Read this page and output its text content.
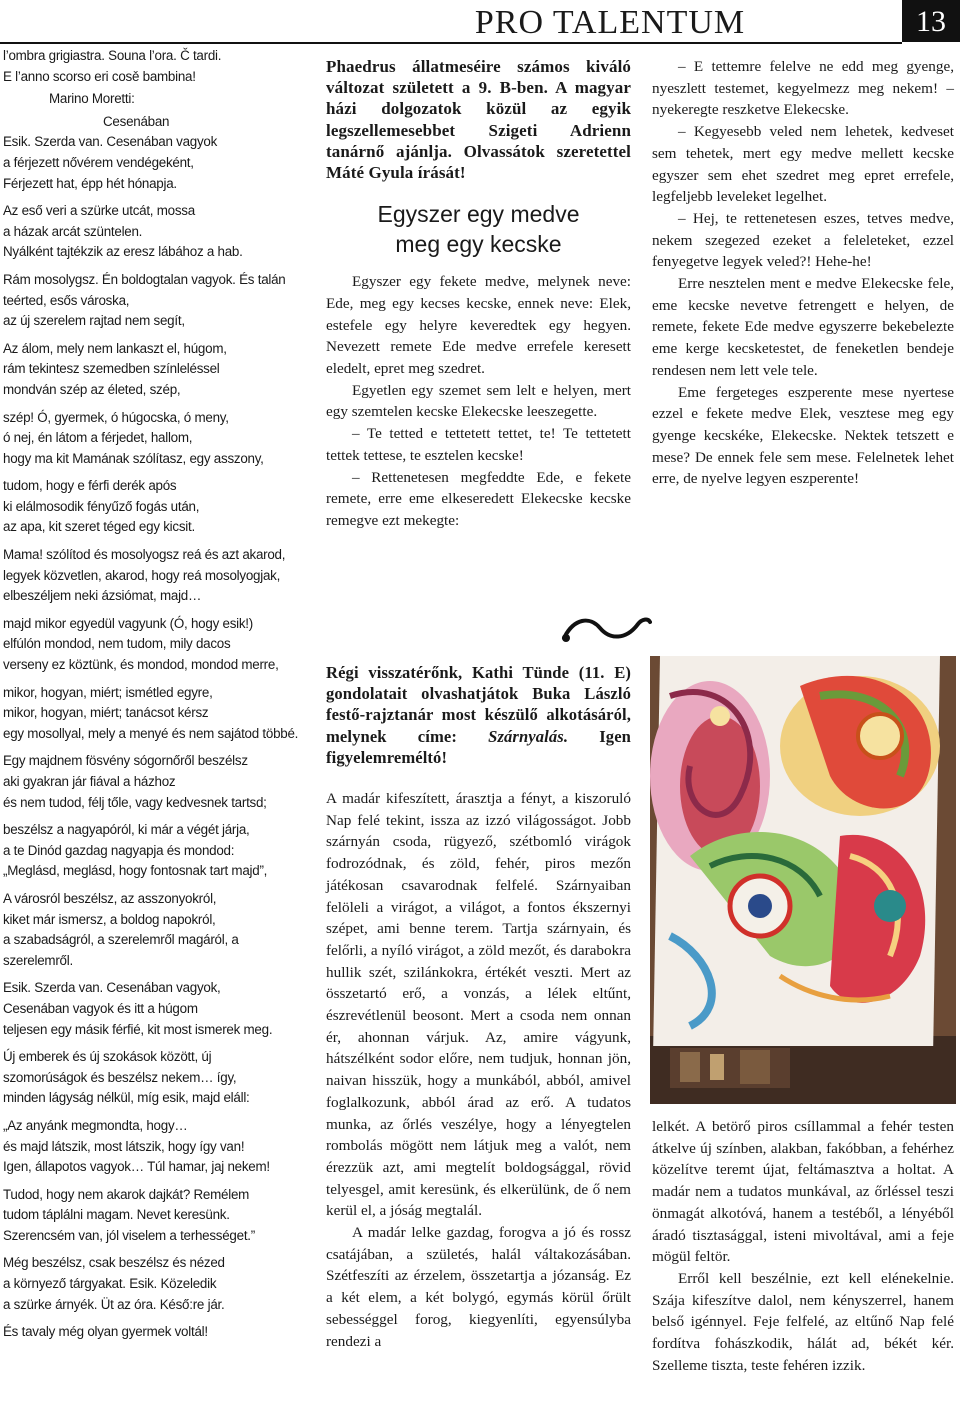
PRO TALENTUM	13
l’ombra grigiastra. Souna l’ora. Č tardi.
E l’anno scorso eri cosě bambina!
Marino Moretti:
Cesenában
Esik. Szerda van. Cesenában vagyok
a férjezett nővérem vendégeként,
Férjezett hat, épp hét hónapja.
Az eső veri a szürke utcát, mossa
a házak arcát szüntelen.
Nyálként tajtékzik az eresz lábához a hab.
Rám mosolygsz. Én boldogtalan vagyok. És talán
teérted, esős városka,
az új szerelem rajtad nem segít,
Az álom, mely nem lankaszt el, húgom,
rám tekintesz szemedben színleléssel
mondván szép az életed, szép,
szép! Ó, gyermek, ó húgocska, ó meny,
ó nej, én látom a férjedet, hallom,
hogy ma kit Mamának szólítasz, egy asszony,
tudom, hogy e férfi derék após
ki elálmosodik fényűző fogás után,
az apa, kit szeret téged egy kicsit.
Mama! szólítod és mosolyogsz reá és azt akarod,
legyek közvetlen, akarod, hogy reá mosolyogjak,
elbeszéljem neki ázsiómat, majd…
majd mikor egyedül vagyunk (Ó, hogy esik!)
elfúlón mondod, nem tudom, mily dacos
verseny ez köztünk, és mondod, mondod merre,
mikor, hogyan, miért; ismétled egyre,
mikor, hogyan, miért; tanácsot kérsz
egy mosollyal, mely a menyé és nem sajátod többé.
Egy majdnem fösvény sógornőről beszélsz
aki gyakran jár fiával a házhoz
és nem tudod, félj tőle, vagy kedvesnek tartsd;
beszélsz a nagyapóról, ki már a végét járja,
a te Dinód gazdag nagyapja és mondod:
„Meglásd, meglásd, hogy fontosnak tart majd”,
A városról beszélsz, az asszonyokról,
kiket már ismersz, a boldog napokról,
a szabadságról, a szerelemről magáról, a
szerelemről.
Esik. Szerda van. Cesenában vagyok,
Cesenában vagyok és itt a húgom
teljesen egy másik férfié, kit most ismerek meg.
Új emberek és új szokások között, új
szomorúságok és beszélsz nekem… így,
minden lágyság nélkül, míg esik, majd eláll:
„Az anyánk megmondta, hogy…
és majd látszik, most látszik, hogy így van!
Igen, állapotos vagyok… Túl hamar, jaj nekem!
Tudod, hogy nem akarok dajkát? Remélem
tudom táplálni magam. Nevet keresünk.
Szerencsém van, jól viselem a terhességet.”
Még beszélsz, csak beszélsz és nézed
a környező tárgyakat. Esik. Közeledik
a szürke árnyék. Üt az óra. Késő:re jár.
És tavaly még olyan gyermek voltál!
Phaedrus állatmeséire számos kiváló változat született a 9. B-ben. A magyar házi dolgozatok közül az egyik legszellemesebbet Szigeti Adrienn tanárnő ajánlja. Olvassátok szeretettel Máté Gyula írását!
Egyszer egy medve
meg egy kecske

Egyszer egy fekete medve, melynek neve: Ede, meg egy kecses kecske, ennek neve: Elek, estefele egy helyre keveredtek egy hegyen. Nevezett remete Ede medve errefele keresett eledelt, epret meg szedret.

Egyetlen egy szemet sem lelt e helyen, mert egy szemtelen kecske Elekecske leeszegette.

– Te tetted e tettetett tettet, te! Te tettetett tettek tettese, te esztelen kecske!

– Rettenetesen megfeddte Ede, e fekete remete, erre eme elkeseredett Elekecske kecske remegve ezt mekegte:

– E tettemre felelve ne edd meg gyenge, nyeszlett testemet, kegyelmezz meg nekem! – nyekeregte reszketve Elekecske.

– Kegyesebb veled nem lehetek, kedveset sem tehetek, mert egy medve mellett kecske egyszer sem ehet szedret meg epret errefele, legfeljebb leveleket legelhet.

– Hej, te rettenetesen eszes, tetves medve, nekem szegezed ezeket a feleleteket, ezzel fenyegetve legyek veled?! Hehe-he!

Erre nesztelen ment e medve Elekecske fele, eme kecske nevetve fetrengett e helyen, de remete, fekete Ede medve egyszerre bekebelezte eme kerge kecsketestet, de feneketlen bendeje rendesen nem lett vele tele.

Eme fergeteges eszperente mese nyertese ezzel e fekete medve Elek, vesztese meg egy gyenge kecskéke, Elekecske. Nektek tetszett e mese? De ennek fele sem mese. Felelnetek lehet erre, de nyelve legyen eszperente!

Régi visszatérőnk, Kathi Tünde (11. E) gondolatait olvashatjátok Buka László festő-rajztanár most készülő alkotásáról, melynek címe: Szárnyalás. Igen figyelemreméltó!

A madár kifeszített, árasztja a fényt, a kiszoruló Nap felé tekint, issza az izzó világosságot. Jobb szárnyán csoda, rügyező, szétbomló virágok fodrozódnak, és zöld, fehér, piros mezőn játékosan csavarodnak felfelé. Szárnyaiban felöleli a virágot, a világot, a fontos ékszernyi szépet, ami benne terem. Tartja szárnyain, és felőrli, a nyíló virágot, a zöld mezőt, és darabokra hullik szét, szilánkokra, értékét veszti. Mert az összetartó erő, a vonzás, a lélek eltűnt, észrevétlenül beosont. Mert a csoda nem onnan ér, ahonnan várjuk. Az, amire vágyunk, hátszélként sodor előre, nem tudjuk, honnan jön, naivan hisszük, hogy a munkából, abból, amivel foglalkozunk, abból árad az erő. A tudatos munka, az őrlés veszélye, hogy a lényegtelen rombolás mögött nem látjuk meg a valót, nem érezzük azt, ami megtelít boldogsággal, rövid telyesgel, amit keresünk, és elkerülünk, de ő nem kerül el, a jóság megtalál.

A madár lelke gazdag, forogva a jó és rossz csatájában, a születés, halál váltakozásában. Szétfeszíti az érzelem, összetartja a józanság. Ez a két elem, a két bolygó, egymás körül őrült sebességgel forog, kiegyenlíti, egyensúlyba rendezi a

lelkét. A betörő piros csíllammal a fehér testen átkelve új színben, alakban, fakóbban, a fehérhez közelítve teremt újat, feltámasztva a holtat. A madár nem a tudatos munkával, az őrléssel teszi önmagát alkotóvá, hanem a testéből, a lényéből áradó tisztasággal, isteni mivoltával, ami a feje mögül feltör.

Erről kell beszélnie, ezt kell elénekelnie. Szája kifeszítve dalol, nem kényszerrel, hanem belső igénnyel. Feje felfelé, az eltűnő Nap felé fordítva fohászkodik, hálát ad, békét kér. Szelleme tiszta, teste fehéren izzik.
